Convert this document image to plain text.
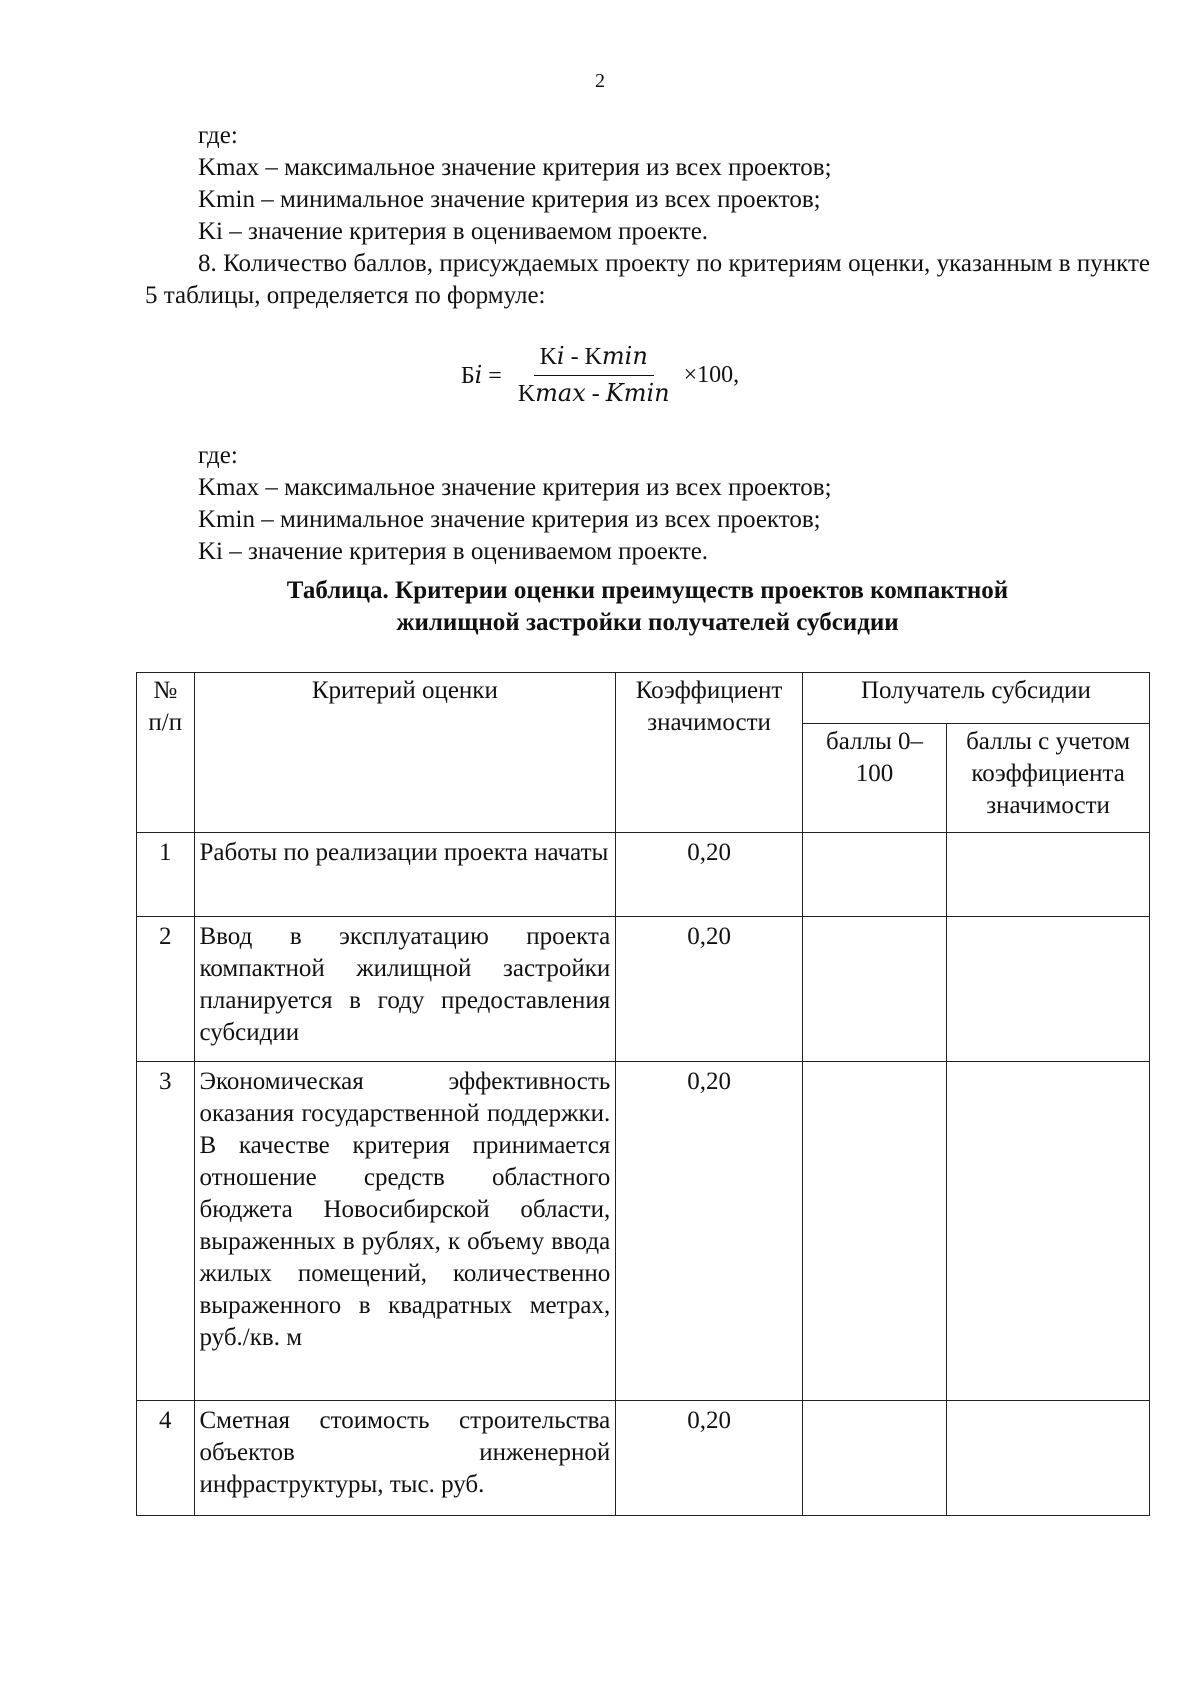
2
где:
Kmax – максимальное значение критерия из всех проектов;
Kmin – минимальное значение критерия из всех проектов;
Ki – значение критерия в оцениваемом проекте.
8. Количество баллов, присуждаемых проекту по критериям оценки, указанным в пункте 5 таблицы, определяется по формуле:
Б𝑖 = $\frac{\text{K𝑖 - K𝑚𝑖𝑛}}{\text{K𝑚𝑎𝑥 - 𝐾𝑚𝑖𝑛}} \times 100$,
где:
Kmax – максимальное значение критерия из всех проектов;
Kmin – минимальное значение критерия из всех проектов;
Ki – значение критерия в оцениваемом проекте.
Таблица. Критерии оценки преимуществ проектов компактной
жилищной застройки получателей субсидии
№ п/п	Критерий оценки	Коэффициент значимости	Получатель субсидии	

			баллы 0–100	баллы с учетом коэффициента значимости

1	Работы по реализации проекта начаты	0,20		

2	Ввод в эксплуатацию проекта компактной жилищной застройки планируется в году предоставления субсидии	0,20		

3	Экономическая эффективность оказания государственной поддержки. В качестве критерия принимается отношение средств областного бюджета Новосибирской области, выраженных в рублях, к объему ввода жилых помещений, количественно выраженного в квадратных метрах, руб./кв. м	0,20		

4	Сметная стоимость строительства объектов инженерной инфраструктуры, тыс. руб.	0,20		
